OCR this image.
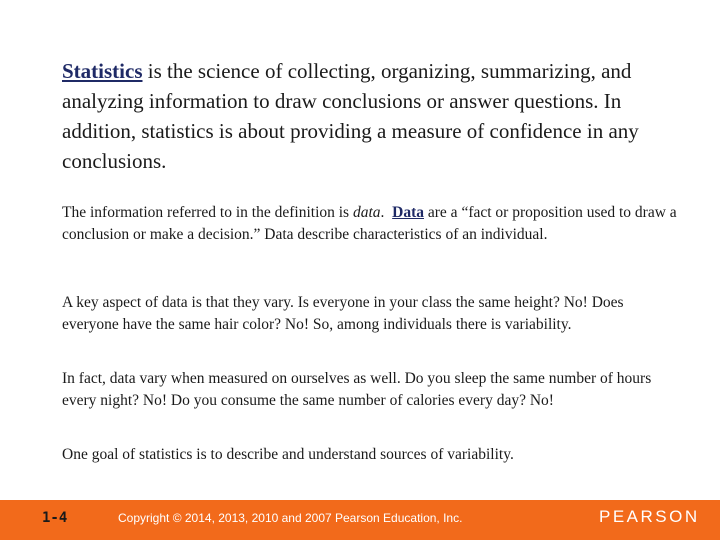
Statistics is the science of collecting, organizing, summarizing, and analyzing information to draw conclusions or answer questions. In addition, statistics is about providing a measure of confidence in any conclusions.

The information referred to in the definition is data.  Data are a “fact or proposition used to draw a conclusion or make a decision.” Data describe characteristics of an individual.

A key aspect of data is that they vary. Is everyone in your class the same height? No! Does everyone have the same hair color? No! So, among individuals there is variability.

In fact, data vary when measured on ourselves as well. Do you sleep the same number of hours every night? No! Do you consume the same number of calories every day? No!

One goal of statistics is to describe and understand sources of variability.

1-4	Copyright © 2014, 2013, 2010 and 2007 Pearson Education, Inc.	PEARSON
